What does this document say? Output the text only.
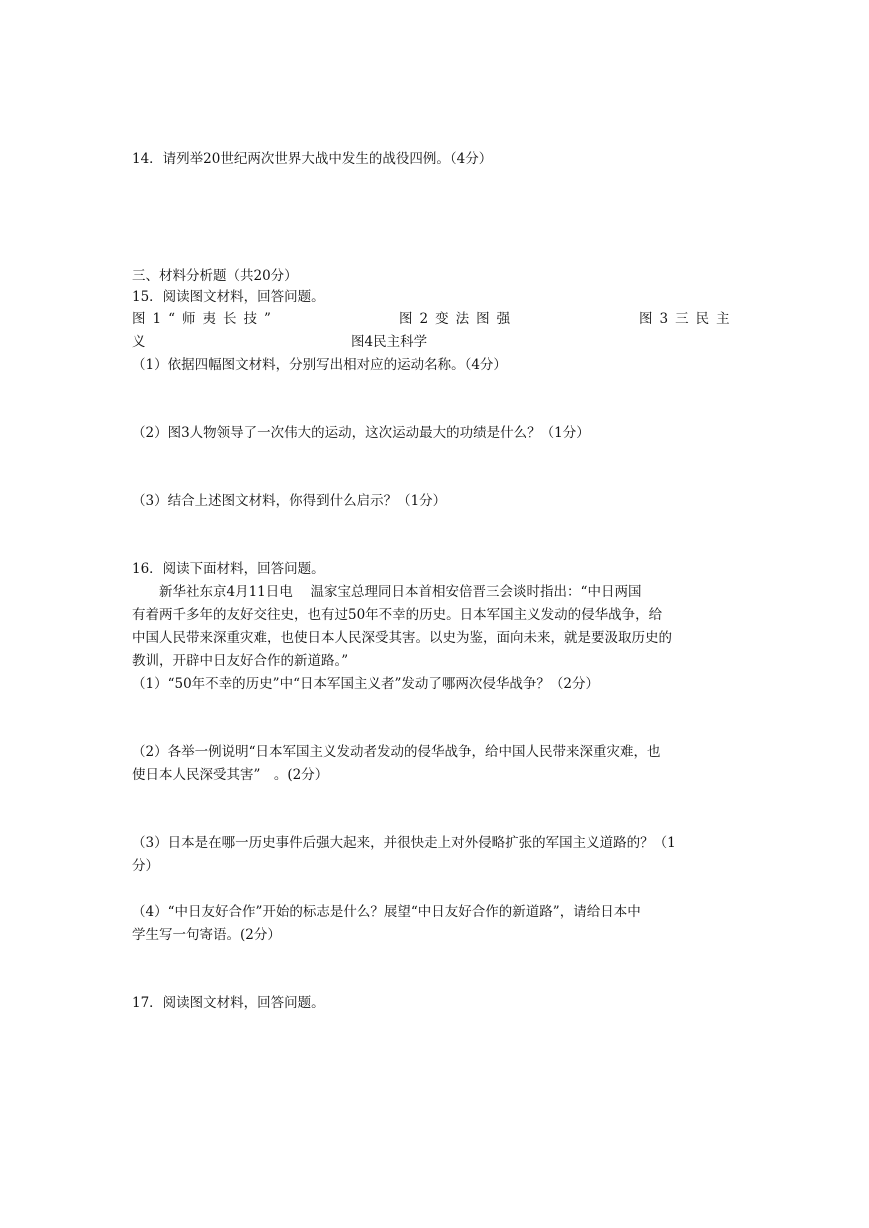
14．请列举20世纪两次世界大战中发生的战役四例。（4分）
三、材料分析题（共20分）
15．阅读图文材料，回答问题。
图1“师夷长技”	图2变法图强	图3三民主
义	图4民主科学
（1）依据四幅图文材料，分别写出相对应的运动名称。（4分）
（2）图3人物领导了一次伟大的运动，这次运动最大的功绩是什么？（1分）
（3）结合上述图文材料，你得到什么启示？（1分）
16．阅读下面材料，回答问题。
新华社东京4月11日电　 温家宝总理同日本首相安倍晋三会谈时指出：“中日两国
有着两千多年的友好交往史，也有过50年不幸的历史。日本军国主义发动的侵华战争，给
中国人民带来深重灾难，也使日本人民深受其害。以史为鉴，面向未来，就是要汲取历史的
教训，开辟中日友好合作的新道路。”
（1）“50年不幸的历史”中“日本军国主义者”发动了哪两次侵华战争？（2分）
（2）各举一例说明“日本军国主义发动者发动的侵华战争，给中国人民带来深重灾难，也
使日本人民深受其害”　。(2分）
（3）日本是在哪一历史事件后强大起来，并很快走上对外侵略扩张的军国主义道路的？（1
分）
（4）“中日友好合作”开始的标志是什么？展望“中日友好合作的新道路”，请给日本中
学生写一句寄语。(2分）
17．阅读图文材料，回答问题。
